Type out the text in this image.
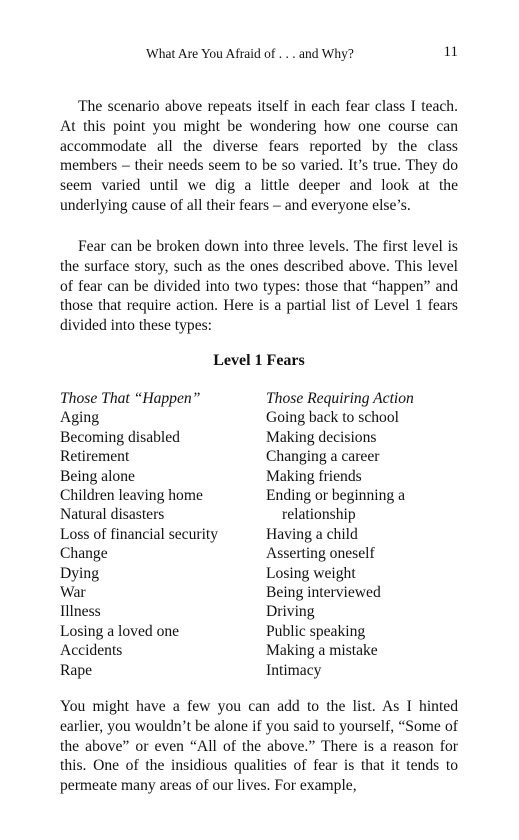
What Are You Afraid of . . . and Why?	11

The scenario above repeats itself in each fear class I teach. At this point you might be wondering how one course can accommodate all the diverse fears reported by the class members – their needs seem to be so varied. It’s true. They do seem varied until we dig a little deeper and look at the underlying cause of all their fears – and everyone else’s.

Fear can be broken down into three levels. The first level is the surface story, such as the ones described above. This level of fear can be divided into two types: those that “happen” and those that require action. Here is a partial list of Level 1 fears divided into these types:

Level 1 Fears
Those That “Happen”
Aging
Becoming disabled
Retirement
Being alone
Children leaving home
Natural disasters
Loss of financial security
Change
Dying
War
Illness
Losing a loved one
Accidents
Rape
Those Requiring Action
Going back to school
Making decisions
Changing a career
Making friends
Ending or beginning a
relationship
Having a child
Asserting oneself
Losing weight
Being interviewed
Driving
Public speaking
Making a mistake
Intimacy

You might have a few you can add to the list. As I hinted earlier, you wouldn’t be alone if you said to yourself, “Some of the above” or even “All of the above.” There is a reason for this. One of the insidious qualities of fear is that it tends to permeate many areas of our lives. For example,
